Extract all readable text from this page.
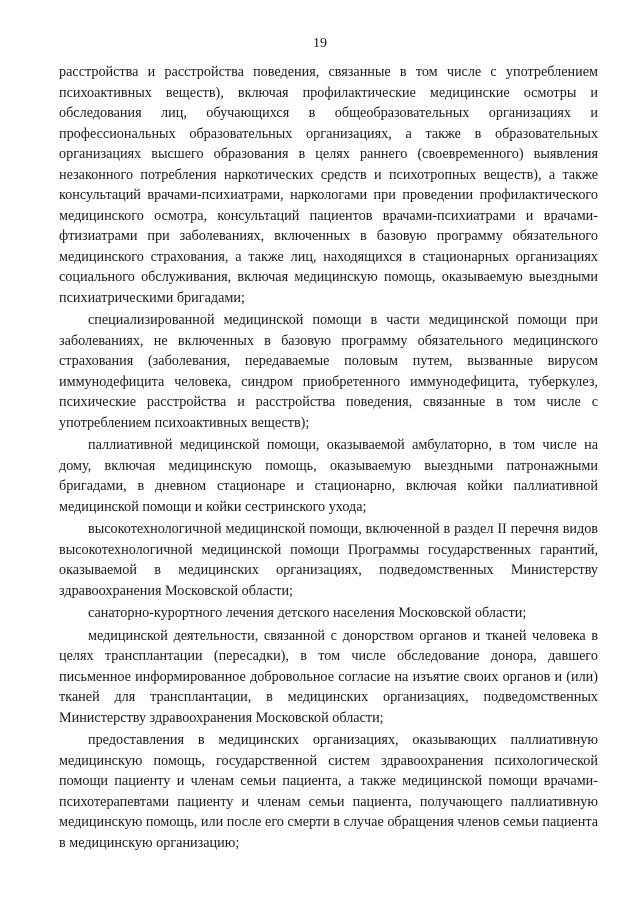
19

расстройства и расстройства поведения, связанные в том числе с употреблением психоактивных веществ), включая профилактические медицинские осмотры и обследования лиц, обучающихся в общеобразовательных организациях и профессиональных образовательных организациях, а также в образовательных организациях высшего образования в целях раннего (своевременного) выявления незаконного потребления наркотических средств и психотропных веществ), а также консультаций врачами-психиатрами, наркологами при проведении профилактического медицинского осмотра, консультаций пациентов врачами-психиатрами и врачами-фтизиатрами при заболеваниях, включенных в базовую программу обязательного медицинского страхования, а также лиц, находящихся в стационарных организациях социального обслуживания, включая медицинскую помощь, оказываемую выездными психиатрическими бригадами;

специализированной медицинской помощи в части медицинской помощи при заболеваниях, не включенных в базовую программу обязательного медицинского страхования (заболевания, передаваемые половым путем, вызванные вирусом иммунодефицита человека, синдром приобретенного иммунодефицита, туберкулез, психические расстройства и расстройства поведения, связанные в том числе с употреблением психоактивных веществ);

паллиативной медицинской помощи, оказываемой амбулаторно, в том числе на дому, включая медицинскую помощь, оказываемую выездными патронажными бригадами, в дневном стационаре и стационарно, включая койки паллиативной медицинской помощи и койки сестринского ухода;

высокотехнологичной медицинской помощи, включенной в раздел II перечня видов высокотехнологичной медицинской помощи Программы государственных гарантий, оказываемой в медицинских организациях, подведомственных Министерству здравоохранения Московской области;

санаторно-курортного лечения детского населения Московской области;

медицинской деятельности, связанной с донорством органов и тканей человека в целях трансплантации (пересадки), в том числе обследование донора, давшего письменное информированное добровольное согласие на изъятие своих органов и (или) тканей для трансплантации, в медицинских организациях, подведомственных Министерству здравоохранения Московской области;

предоставления в медицинских организациях, оказывающих паллиативную медицинскую помощь, государственной систем здравоохранения психологической помощи пациенту и членам семьи пациента, а также медицинской помощи врачами-психотерапевтами пациенту и членам семьи пациента, получающего паллиативную медицинскую помощь, или после его смерти в случае обращения членов семьи пациента в медицинскую организацию;
